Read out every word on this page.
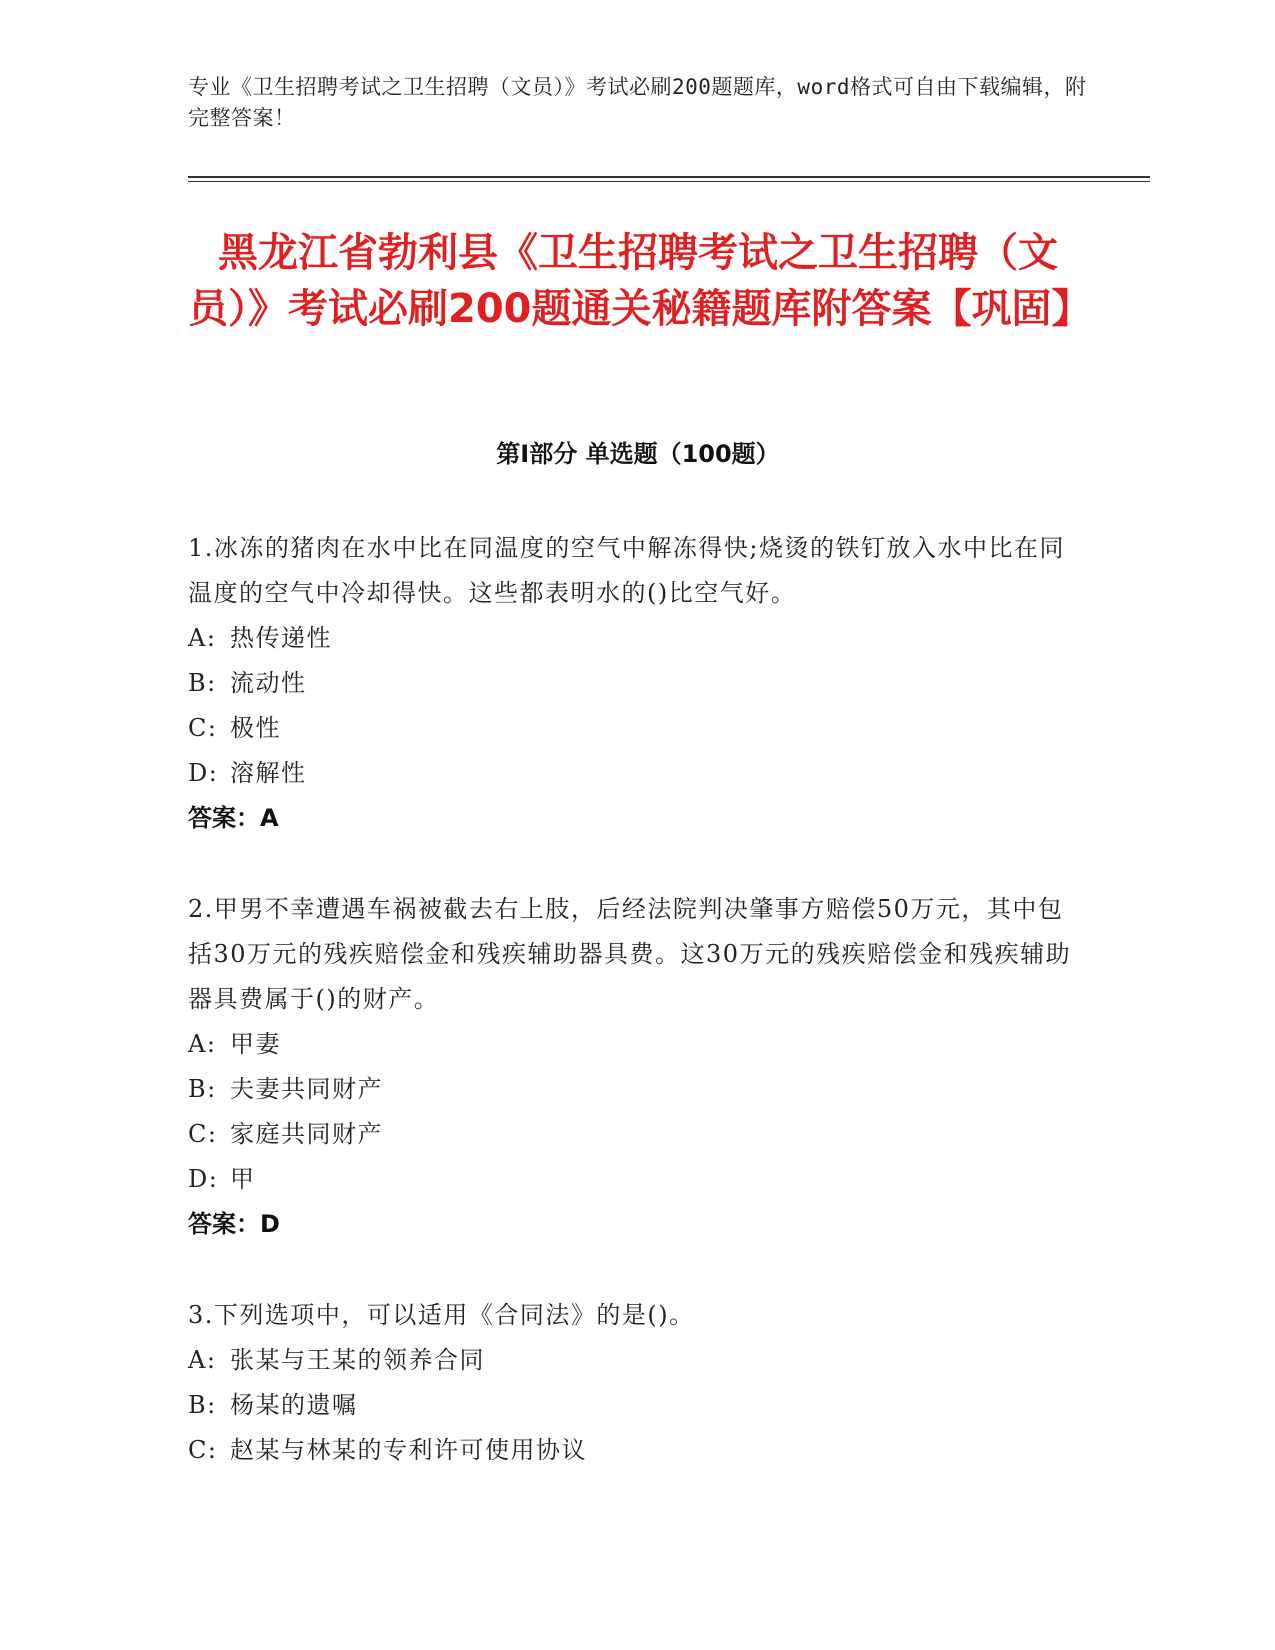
专业《卫生招聘考试之卫生招聘（文员）》考试必刷200题题库，word格式可自由下载编辑，附完整答案！
黑龙江省勃利县《卫生招聘考试之卫生招聘（文员）》考试必刷200题通关秘籍题库附答案【巩固】
第Ⅰ部分 单选题（100题）
1.冰冻的猪肉在水中比在同温度的空气中解冻得快;烧烫的铁钉放入水中比在同温度的空气中冷却得快。这些都表明水的()比空气好。
A: 热传递性
B: 流动性
C: 极性
D: 溶解性
答案：A
2.甲男不幸遭遇车祸被截去右上肢，后经法院判决肇事方赔偿50万元，其中包括30万元的残疾赔偿金和残疾辅助器具费。这30万元的残疾赔偿金和残疾辅助器具费属于()的财产。
A: 甲妻
B: 夫妻共同财产
C: 家庭共同财产
D: 甲
答案：D
3.下列选项中，可以适用《合同法》的是()。
A: 张某与王某的领养合同
B: 杨某的遗嘱
C: 赵某与林某的专利许可使用协议
